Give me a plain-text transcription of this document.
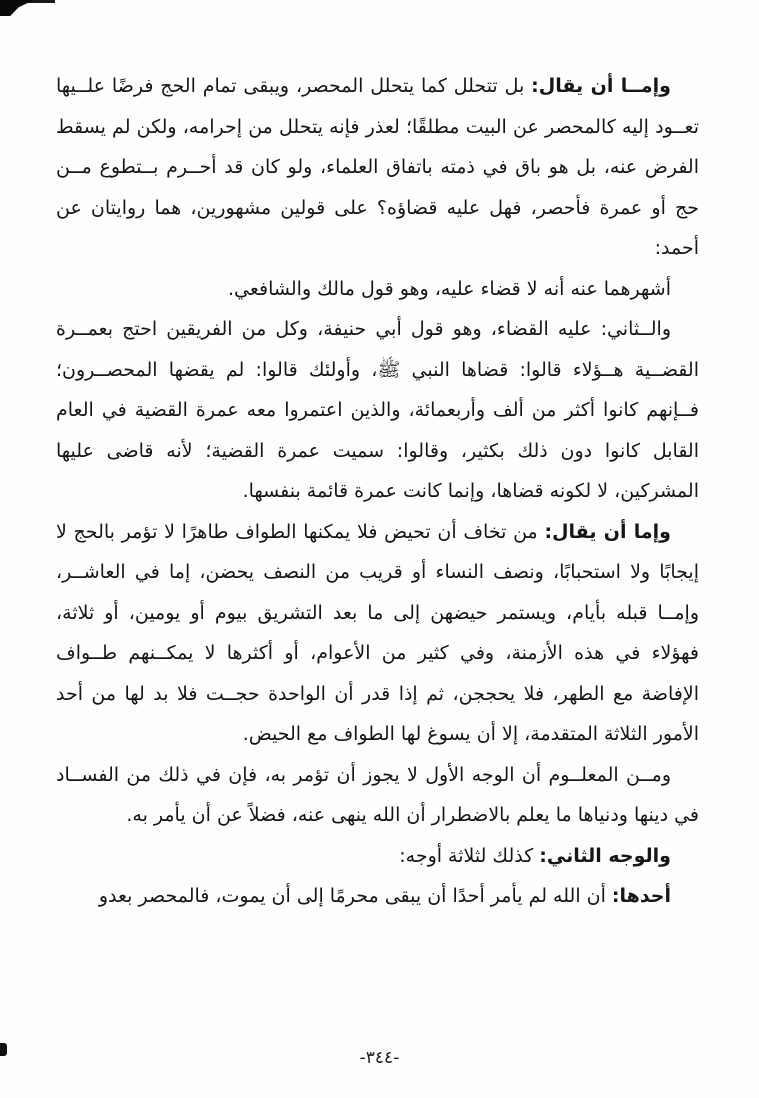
وإمــا أن يقال: بل تتحلل كما يتحلل المحصر، ويبقى تمام الحج فرضًا علــيها تعــود إليه كالمحصر عن البيت مطلقًا؛ لعذر فإنه يتحلل من إحرامه، ولكن لم يسقط الفرض عنه، بل هو باق في ذمته باتفاق العلماء، ولو كان قد أحــرم بــتطوع مــن حج أو عمرة فأحصر، فهل عليه قضاؤه؟ على قولين مشهورين، هما روايتان عن أحمد:

أشهرهما عنه أنه لا قضاء عليه، وهو قول مالك والشافعي.

والــثاني: عليه القضاء، وهو قول أبي حنيفة، وكل من الفريقين احتج بعمــرة القضــية هــؤلاء قالوا: قضاها النبي ﷺ، وأولئك قالوا: لم يقضها المحصــرون؛ فــإنهم كانوا أكثر من ألف وأربعمائة، والذين اعتمروا معه عمرة القضية في العام القابل كانوا دون ذلك بكثير، وقالوا: سميت عمرة القضية؛ لأنه قاضى عليها المشركين، لا لكونه قضاها، وإنما كانت عمرة قائمة بنفسها.

وإما أن يقال: من تخاف أن تحيض فلا يمكنها الطواف طاهرًا لا تؤمر بالحج لا إيجابًا ولا استحبابًا، ونصف النساء أو قريب من النصف يحضن، إما في العاشــر، وإمــا قبله بأيام، ويستمر حيضهن إلى ما بعد التشريق بيوم أو يومين، أو ثلاثة، فهؤلاء في هذه الأزمنة، وفي كثير من الأعوام، أو أكثرها لا يمكــنهم طــواف الإفاضة مع الطهر، فلا يحججن، ثم إذا قدر أن الواحدة حجــت فلا بد لها من أحد الأمور الثلاثة المتقدمة، إلا أن يسوغ لها الطواف مع الحيض.

ومــن المعلــوم أن الوجه الأول لا يجوز أن تؤمر به، فإن في ذلك من الفســاد في دينها ودنياها ما يعلم بالاضطرار أن الله ينهى عنه، فضلاً عن أن يأمر به.

والوجه الثاني: كذلك لثلاثة أوجه:

أحدها: أن الله لم يأمر أحدًا أن يبقى محرمًا إلى أن يموت، فالمحصر بعدو

-٣٤٤-
